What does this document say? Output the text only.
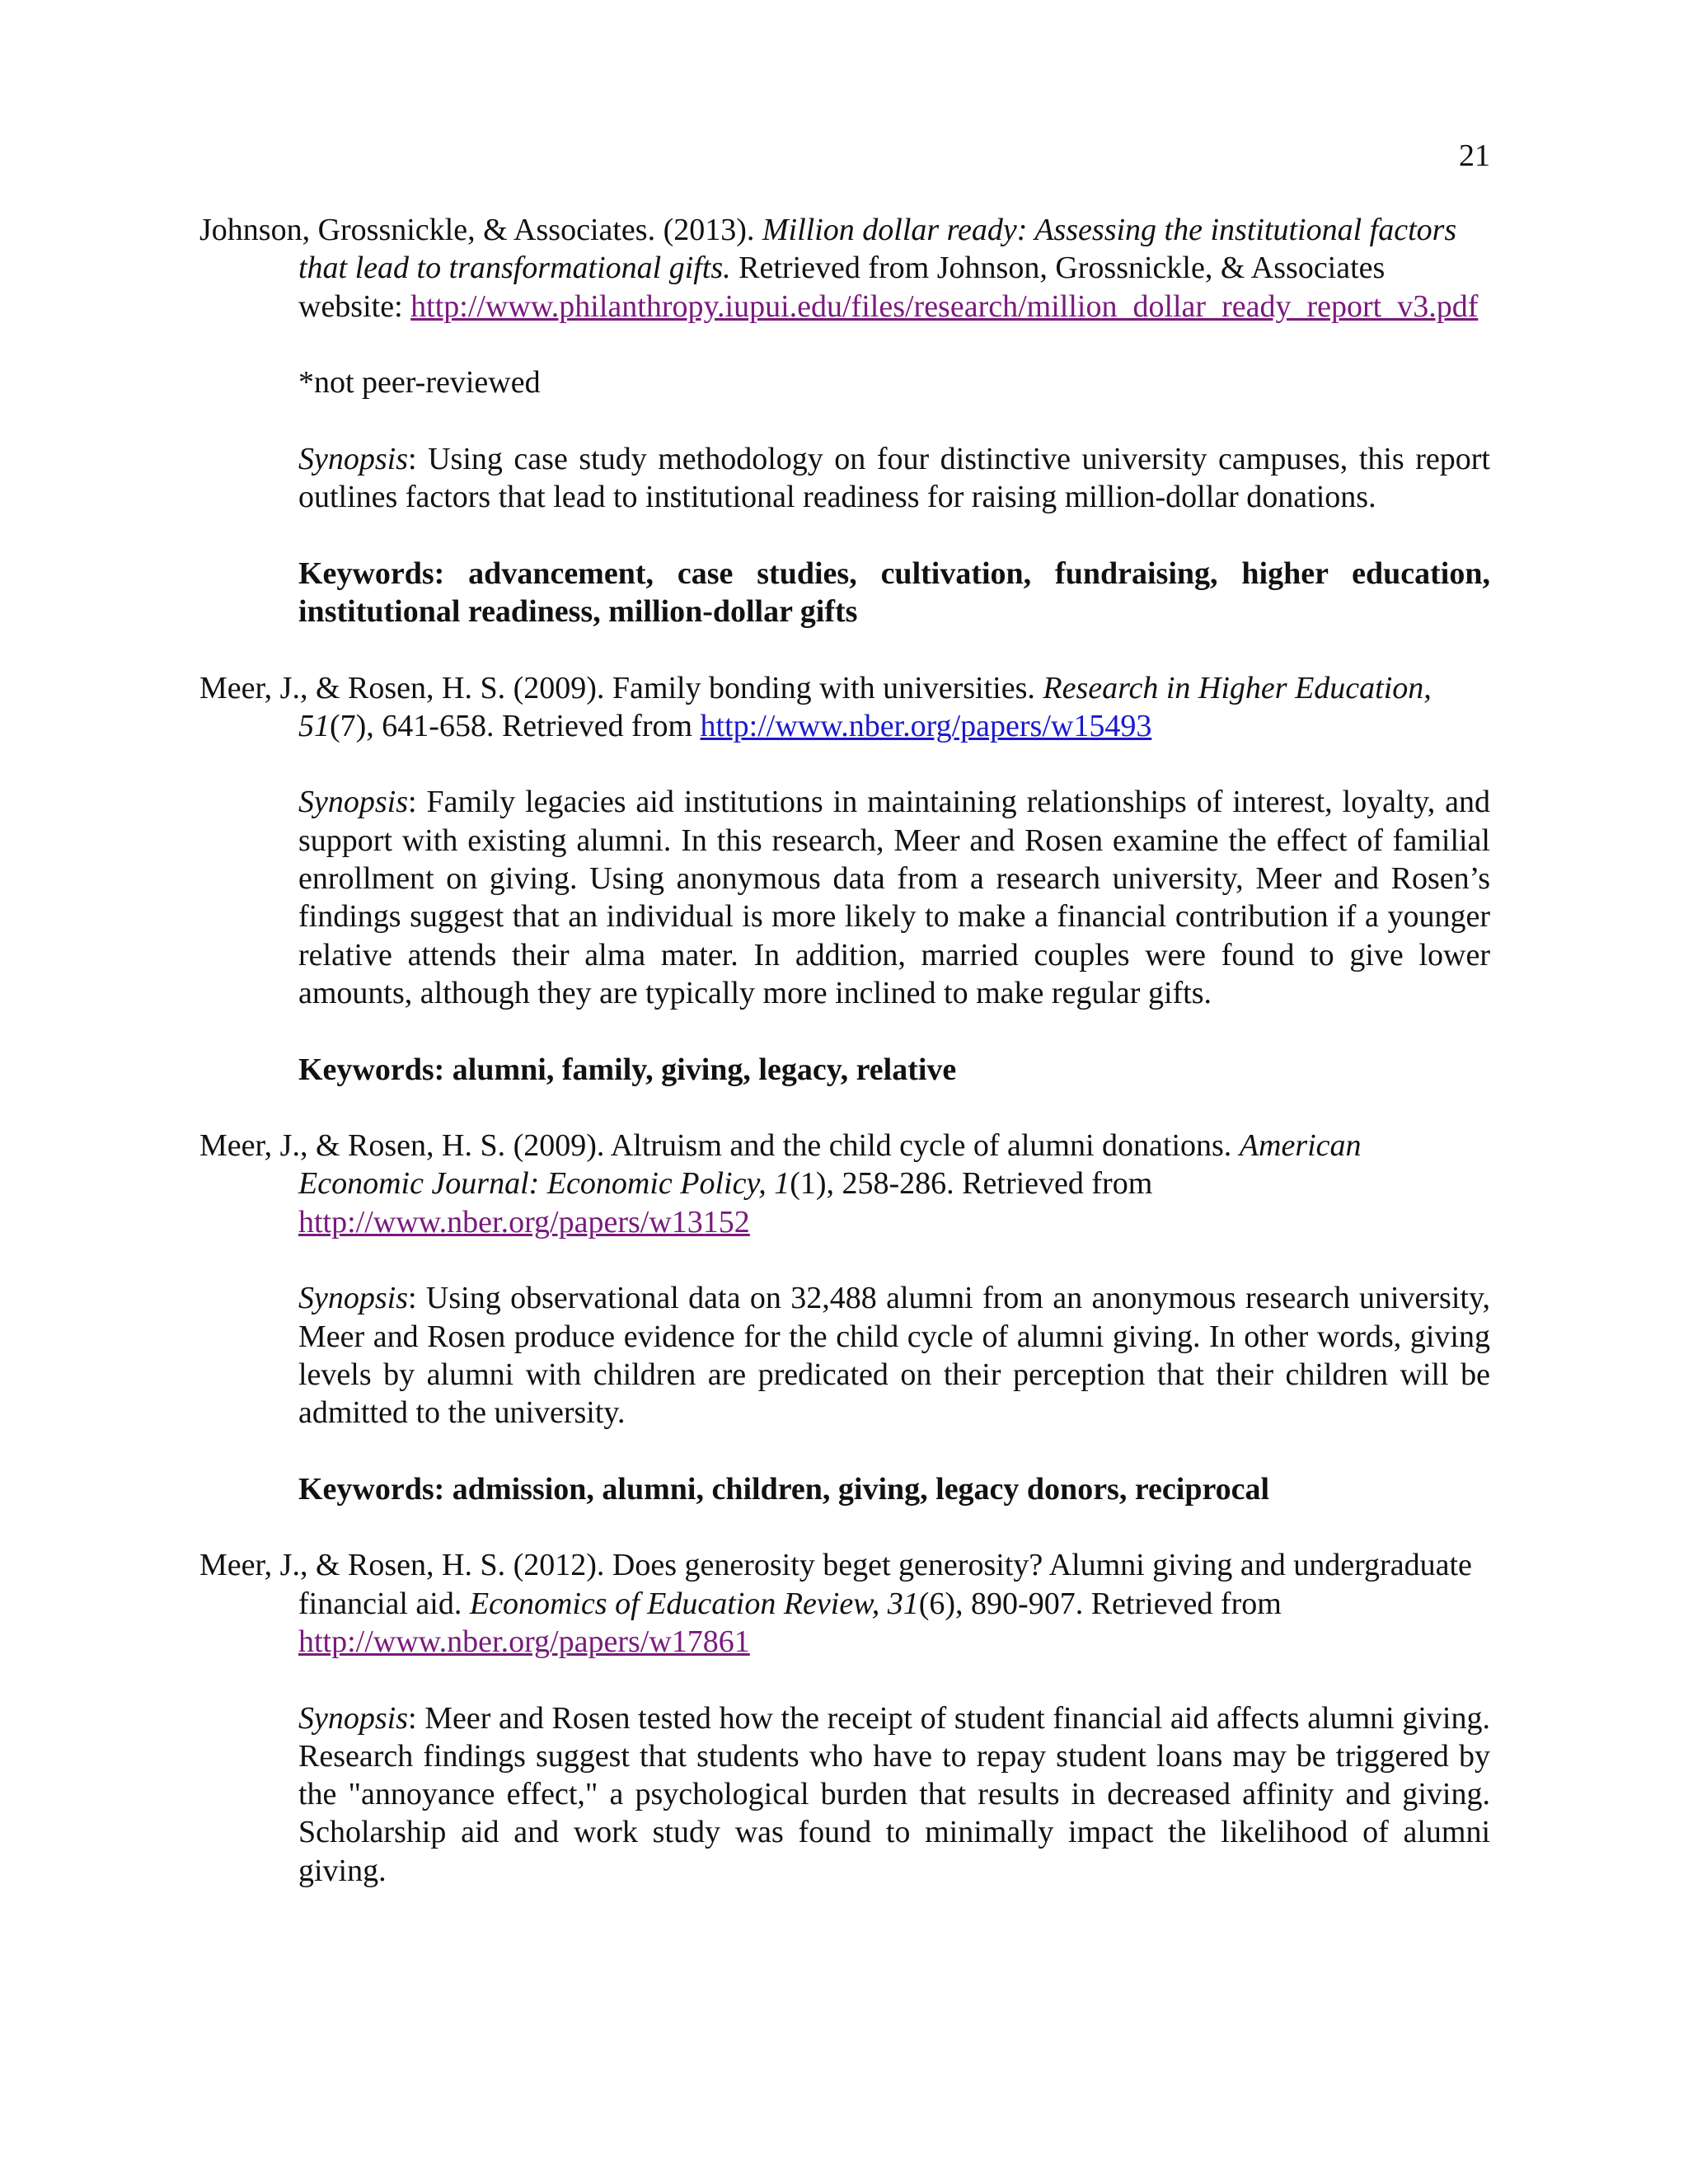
21

Johnson, Grossnickle, & Associates. (2013). Million dollar ready: Assessing the institutional factors that lead to transformational gifts. Retrieved from Johnson, Grossnickle, & Associates website: http://www.philanthropy.iupui.edu/files/research/million_dollar_ready_report_v3.pdf

*not peer-reviewed
Synopsis: Using case study methodology on four distinctive university campuses, this report outlines factors that lead to institutional readiness for raising million-dollar donations.
Keywords: advancement, case studies, cultivation, fundraising, higher education, institutional readiness, million-dollar gifts

Meer, J., & Rosen, H. S. (2009). Family bonding with universities. Research in Higher Education, 51(7), 641-658. Retrieved from http://www.nber.org/papers/w15493

Synopsis: Family legacies aid institutions in maintaining relationships of interest, loyalty, and support with existing alumni. In this research, Meer and Rosen examine the effect of familial enrollment on giving. Using anonymous data from a research university, Meer and Rosen’s findings suggest that an individual is more likely to make a financial contribution if a younger relative attends their alma mater. In addition, married couples were found to give lower amounts, although they are typically more inclined to make regular gifts.
Keywords: alumni, family, giving, legacy, relative

Meer, J., & Rosen, H. S. (2009). Altruism and the child cycle of alumni donations. American Economic Journal: Economic Policy, 1(1), 258-286. Retrieved from http://www.nber.org/papers/w13152

Synopsis: Using observational data on 32,488 alumni from an anonymous research university, Meer and Rosen produce evidence for the child cycle of alumni giving. In other words, giving levels by alumni with children are predicated on their perception that their children will be admitted to the university.
Keywords: admission, alumni, children, giving, legacy donors, reciprocal

Meer, J., & Rosen, H. S. (2012). Does generosity beget generosity? Alumni giving and undergraduate financial aid. Economics of Education Review, 31(6), 890-907. Retrieved from http://www.nber.org/papers/w17861

Synopsis: Meer and Rosen tested how the receipt of student financial aid affects alumni giving. Research findings suggest that students who have to repay student loans may be triggered by the "annoyance effect," a psychological burden that results in decreased affinity and giving. Scholarship aid and work study was found to minimally impact the likelihood of alumni giving.
